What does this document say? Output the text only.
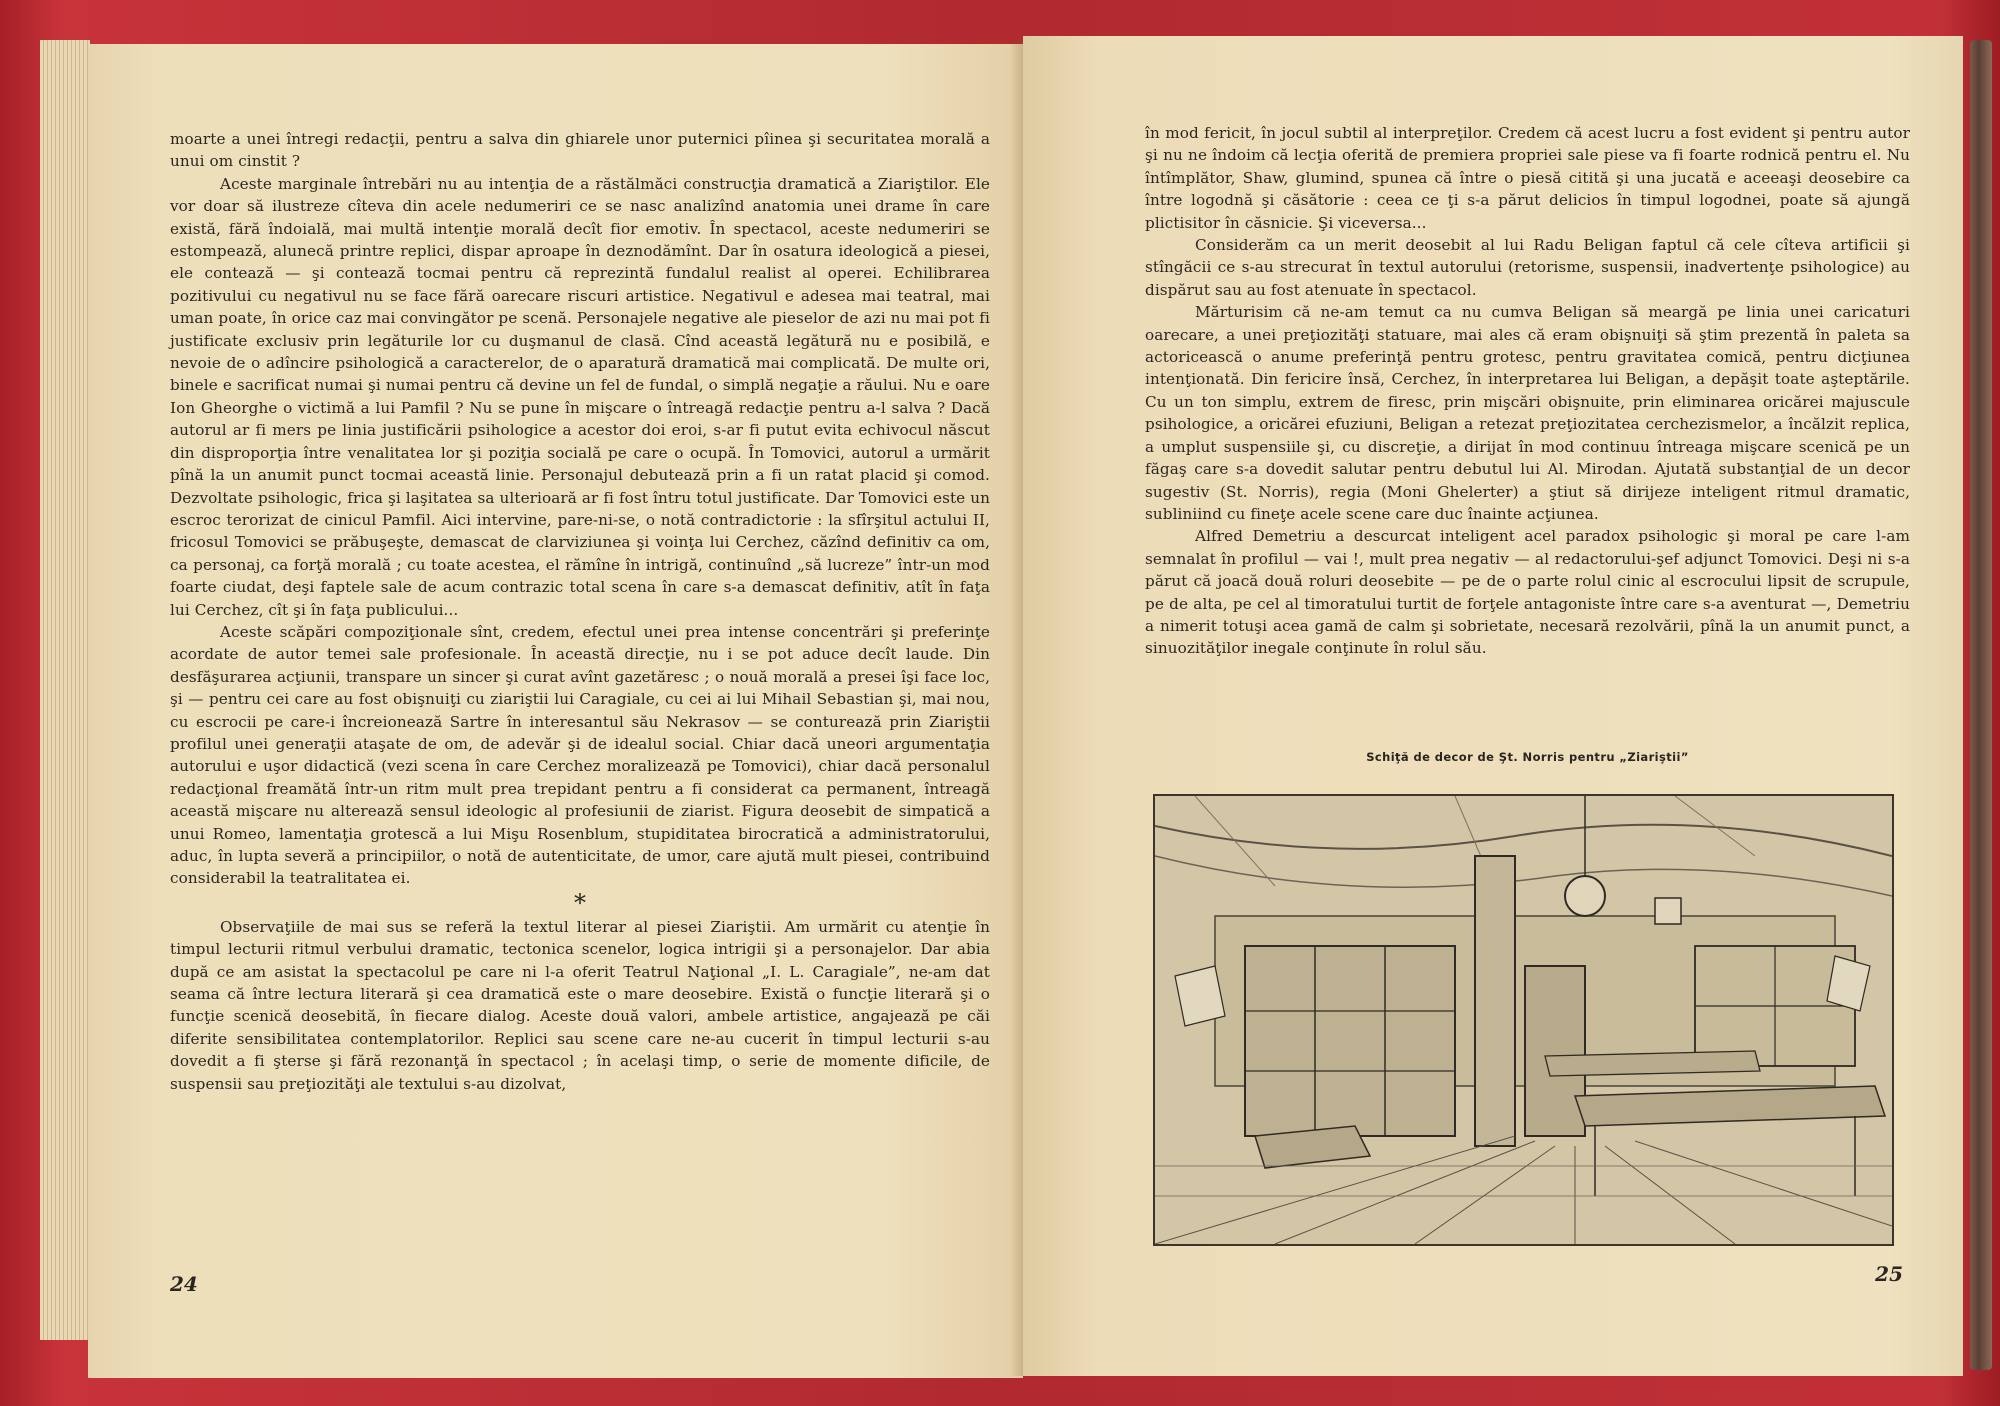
moarte a unei întregi redacţii, pentru a salva din ghiarele unor puternici pîinea şi securitatea morală a unui om cinstit ?

Aceste marginale întrebări nu au intenţia de a răstălmăci construcţia dramatică a Ziariştilor. Ele vor doar să ilustreze cîteva din acele nedumeriri ce se nasc analizînd anatomia unei drame în care există, fără îndoială, mai multă intenţie morală decît fior emotiv. În spectacol, aceste nedumeriri se estompează, alunecă printre replici, dispar aproape în deznodămînt. Dar în osatura ideologică a piesei, ele contează — şi contează tocmai pentru că reprezintă fundalul realist al operei. Echilibrarea pozitivului cu negativul nu se face fără oarecare riscuri artistice. Negativul e adesea mai teatral, mai uman poate, în orice caz mai convingător pe scenă. Personajele negative ale pieselor de azi nu mai pot fi justificate exclusiv prin legăturile lor cu duşmanul de clasă. Cînd această legătură nu e posibilă, e nevoie de o adîncire psihologică a caracterelor, de o aparatură dramatică mai complicată. De multe ori, binele e sacrificat numai şi numai pentru că devine un fel de fundal, o simplă negaţie a răului. Nu e oare Ion Gheorghe o victimă a lui Pamfil ? Nu se pune în mişcare o întreagă redacţie pentru a-l salva ? Dacă autorul ar fi mers pe linia justificării psihologice a acestor doi eroi, s-ar fi putut evita echivocul născut din disproporţia între venalitatea lor şi poziţia socială pe care o ocupă. În Tomovici, autorul a urmărit pînă la un anumit punct tocmai această linie. Personajul debutează prin a fi un ratat placid şi comod. Dezvoltate psihologic, frica şi laşitatea sa ulterioară ar fi fost întru totul justificate. Dar Tomovici este un escroc terorizat de cinicul Pamfil. Aici intervine, pare-ni-se, o notă contradictorie : la sfîrşitul actului II, fricosul Tomovici se prăbuşeşte, demascat de clarviziunea şi voinţa lui Cerchez, căzînd definitiv ca om, ca personaj, ca forţă morală ; cu toate acestea, el rămîne în intrigă, continuînd „să lucreze” într-un mod foarte ciudat, deşi faptele sale de acum contrazic total scena în care s-a demascat definitiv, atît în faţa lui Cerchez, cît şi în faţa publicului...

Aceste scăpări compoziţionale sînt, credem, efectul unei prea intense concentrări şi preferinţe acordate de autor temei sale profesionale. În această direcţie, nu i se pot aduce decît laude. Din desfăşurarea acţiunii, transpare un sincer şi curat avînt gazetăresc ; o nouă morală a presei îşi face loc, şi — pentru cei care au fost obişnuiţi cu ziariştii lui Caragiale, cu cei ai lui Mihail Sebastian şi, mai nou, cu escrocii pe care-i încreionează Sartre în interesantul său Nekrasov — se conturează prin Ziariştii profilul unei generaţii ataşate de om, de adevăr şi de idealul social. Chiar dacă uneori argumentaţia autorului e uşor didactică (vezi scena în care Cerchez moralizează pe Tomovici), chiar dacă personalul redacţional freamătă într-un ritm mult prea trepidant pentru a fi considerat ca permanent, întreagă această mişcare nu alterează sensul ideologic al profesiunii de ziarist. Figura deosebit de simpatică a unui Romeo, lamentaţia grotescă a lui Mişu Rosenblum, stupiditatea birocratică a administratorului, aduc, în lupta severă a principiilor, o notă de autenticitate, de umor, care ajută mult piesei, contribuind considerabil la teatralitatea ei.

*

Observaţiile de mai sus se referă la textul literar al piesei Ziariştii. Am urmărit cu atenţie în timpul lecturii ritmul verbului dramatic, tectonica scenelor, logica intrigii şi a personajelor. Dar abia după ce am asistat la spectacolul pe care ni l-a oferit Teatrul Naţional „I. L. Caragiale”, ne-am dat seama că între lectura literară şi cea dramatică este o mare deosebire. Există o funcţie literară şi o funcţie scenică deosebită, în fiecare dialog. Aceste două valori, ambele artistice, angajează pe căi diferite sensibilitatea contemplatorilor. Replici sau scene care ne-au cucerit în timpul lecturii s-au dovedit a fi şterse şi fără rezonanţă în spectacol ; în acelaşi timp, o serie de momente dificile, de suspensii sau preţiozităţi ale textului s-au dizolvat,

24

în mod fericit, în jocul subtil al interpreţilor. Credem că acest lucru a fost evident şi pentru autor şi nu ne îndoim că lecţia oferită de premiera propriei sale piese va fi foarte rodnică pentru el. Nu întîmplător, Shaw, glumind, spunea că între o piesă citită şi una jucată e aceeaşi deosebire ca între logodnă şi căsătorie : ceea ce ţi s-a părut delicios în timpul logodnei, poate să ajungă plictisitor în căsnicie. Şi viceversa...

Considerăm ca un merit deosebit al lui Radu Beligan faptul că cele cîteva artificii şi stîngăcii ce s-au strecurat în textul autorului (retorisme, suspensii, inadvertenţe psihologice) au dispărut sau au fost atenuate în spectacol.

Mărturisim că ne-am temut ca nu cumva Beligan să meargă pe linia unei caricaturi oarecare, a unei preţiozităţi statuare, mai ales că eram obişnuiţi să ştim prezentă în paleta sa actoricească o anume preferinţă pentru grotesc, pentru gravitatea comică, pentru dicţiunea intenţionată. Din fericire însă, Cerchez, în interpretarea lui Beligan, a depăşit toate aşteptările. Cu un ton simplu, extrem de firesc, prin mişcări obişnuite, prin eliminarea oricărei majuscule psihologice, a oricărei efuziuni, Beligan a retezat preţiozitatea cerchezismelor, a încălzit replica, a umplut suspensiile şi, cu discreţie, a dirijat în mod continuu întreaga mişcare scenică pe un făgaş care s-a dovedit salutar pentru debutul lui Al. Mirodan. Ajutată substanţial de un decor sugestiv (St. Norris), regia (Moni Ghelerter) a ştiut să dirijeze inteligent ritmul dramatic, subliniind cu fineţe acele scene care duc înainte acţiunea.

Alfred Demetriu a descurcat inteligent acel paradox psihologic şi moral pe care l-am semnalat în profilul — vai !, mult prea negativ — al redactorului-şef adjunct Tomovici. Deşi ni s-a părut că joacă două roluri deosebite — pe de o parte rolul cinic al escrocului lipsit de scrupule, pe de alta, pe cel al timoratului turtit de forţele antagoniste între care s-a aventurat —, Demetriu a nimerit totuşi acea gamă de calm şi sobrietate, necesară rezolvării, pînă la un anumit punct, a sinuozităţilor inegale conţinute în rolul său.

Schiţă de decor de Şt. Norris pentru „Ziariştii”
25
